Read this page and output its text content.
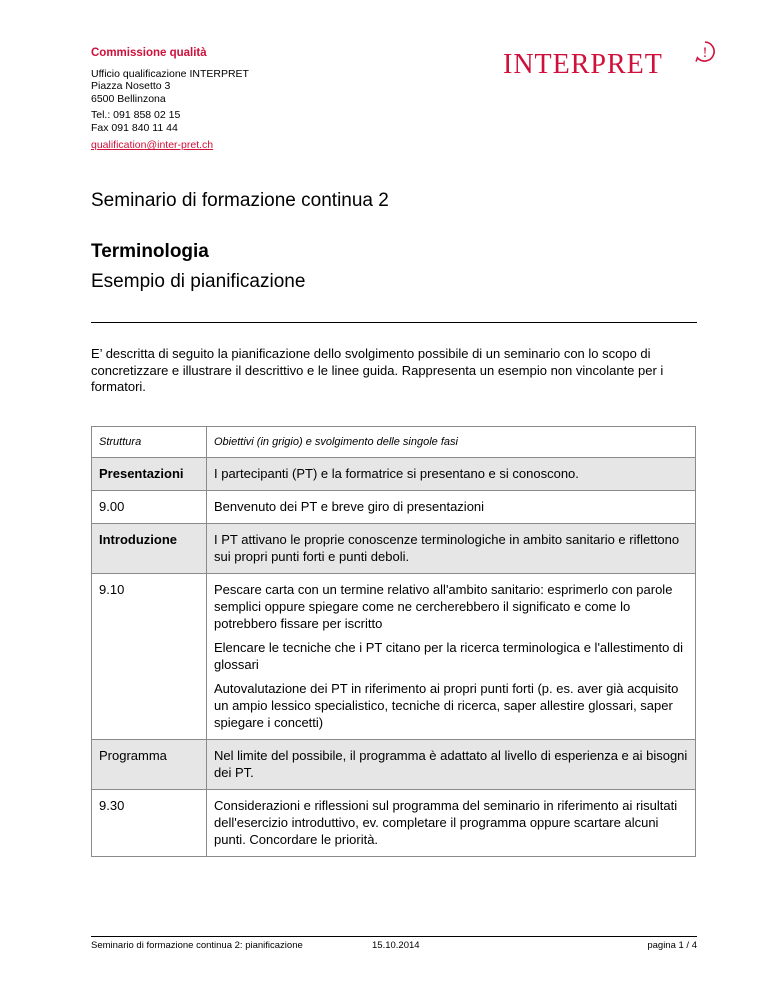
Commissione qualità

Ufficio qualificazione INTERPRET
Piazza Nosetto 3
6500 Bellinzona

Tel.: 091 858 02 15
Fax 091 840 11 44

qualification@inter-pret.ch
INTERPRET	!
Seminario di formazione continua 2
Terminologia
Esempio di pianificazione

E’ descritta di seguito la pianificazione dello svolgimento possibile di un seminario con lo scopo di concretizzare e illustrare il descrittivo e le linee guida. Rappresenta un esempio non vincolante per i formatori.

Struttura	Obiettivi (in grigio) e svolgimento delle singole fasi
Presentazioni	I partecipanti (PT) e la formatrice si presentano e si conoscono.

9.00	Benvenuto dei PT e breve giro di presentazioni

Introduzione	I PT attivano le proprie conoscenze terminologiche in ambito sanitario e riflettono sui propri punti forti e punti deboli.

9.10	Pescare carta con un termine relativo all'ambito sanitario: esprimerlo con parole semplici oppure spiegare come ne cercherebbero il significato e come lo potrebbero fissare per iscritto

Elencare le tecniche che i PT citano per la ricerca terminologica e l'allestimento di glossari

Autovalutazione dei PT in riferimento ai propri punti forti (p. es. aver già acquisito un ampio lessico specialistico, tecniche di ricerca, saper allestire glossari, saper spiegare i concetti)

Programma	Nel limite del possibile, il programma è adattato al livello di esperienza e ai bisogni dei PT.

9.30	Considerazioni e riflessioni sul programma del seminario in riferimento ai risultati dell'esercizio introduttivo, ev. completare il programma oppure scartare alcuni punti. Concordare le priorità.

Seminario di formazione continua 2: pianificazione	15.10.2014	pagina 1 / 4
